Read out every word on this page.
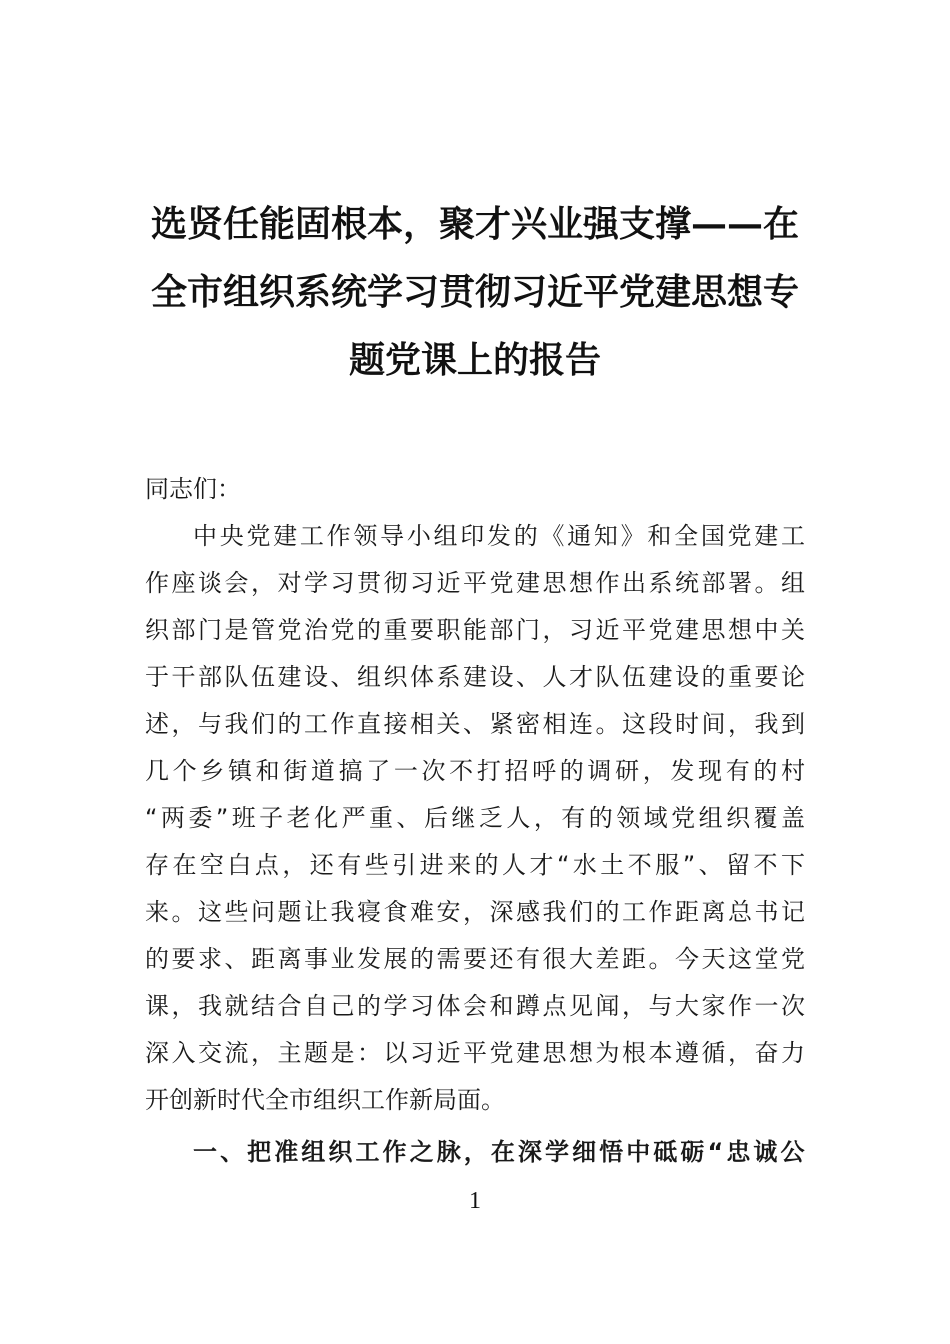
选贤任能固根本，聚才兴业强支撑——在
全市组织系统学习贯彻习近平党建思想专
题党课上的报告
同志们：
中央党建工作领导小组印发的《通知》和全国党建工
作座谈会，对学习贯彻习近平党建思想作出系统部署。组
织部门是管党治党的重要职能部门，习近平党建思想中关
于干部队伍建设、组织体系建设、人才队伍建设的重要论
述，与我们的工作直接相关、紧密相连。这段时间，我到
几个乡镇和街道搞了一次不打招呼的调研，发现有的村
“两委”班子老化严重、后继乏人，有的领域党组织覆盖
存在空白点，还有些引进来的人才“水土不服”、留不下
来。这些问题让我寝食难安，深感我们的工作距离总书记
的要求、距离事业发展的需要还有很大差距。今天这堂党
课，我就结合自己的学习体会和蹲点见闻，与大家作一次
深入交流，主题是：以习近平党建思想为根本遵循，奋力
开创新时代全市组织工作新局面。
一、把准组织工作之脉，在深学细悟中砥砺“忠诚公
1
